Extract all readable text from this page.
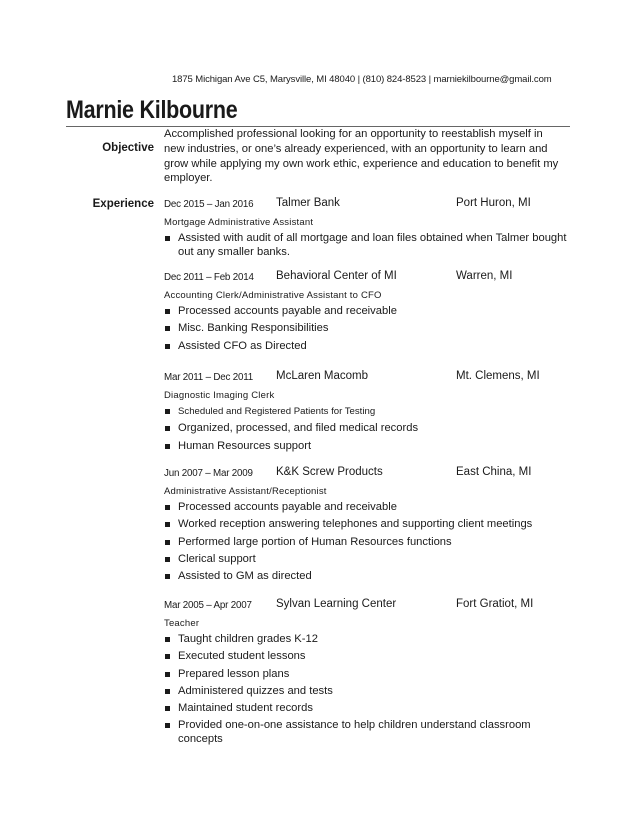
1875 Michigan Ave C5, Marysville, MI 48040 | (810) 824-8523 | marniekilbourne@gmail.com
Marnie Kilbourne
Objective
Accomplished professional looking for an opportunity to reestablish myself in new industries, or one’s already experienced, with an opportunity to learn and grow while applying my own work ethic, experience and education to benefit my employer.
Experience Dec 2015 – Jan 2016 Talmer Bank	Port Huron, MI
Mortgage Administrative Assistant
Assisted with audit of all mortgage and loan files obtained when Talmer bought out any smaller banks.
Dec 2011 – Feb 2014 Behavioral Center of MI	Warren, MI
Accounting Clerk/Administrative Assistant to CFO
Processed accounts payable and receivable
Misc. Banking Responsibilities
Assisted CFO as Directed
Mar 2011 – Dec 2011 McLaren Macomb	Mt. Clemens, MI
Diagnostic Imaging Clerk
Scheduled and Registered Patients for Testing
Organized, processed, and filed medical records
Human Resources support
Jun 2007 – Mar 2009 K&K Screw Products	East China, MI
Administrative Assistant/Receptionist
Processed accounts payable and receivable
Worked reception answering telephones and supporting client meetings
Performed large portion of Human Resources functions
Clerical support
Assisted to GM as directed
Mar 2005 – Apr 2007 Sylvan Learning Center	Fort Gratiot, MI
Teacher
Taught children grades K-12
Executed student lessons
Prepared lesson plans
Administered quizzes and tests
Maintained student records
Provided one-on-one assistance to help children understand classroom concepts
